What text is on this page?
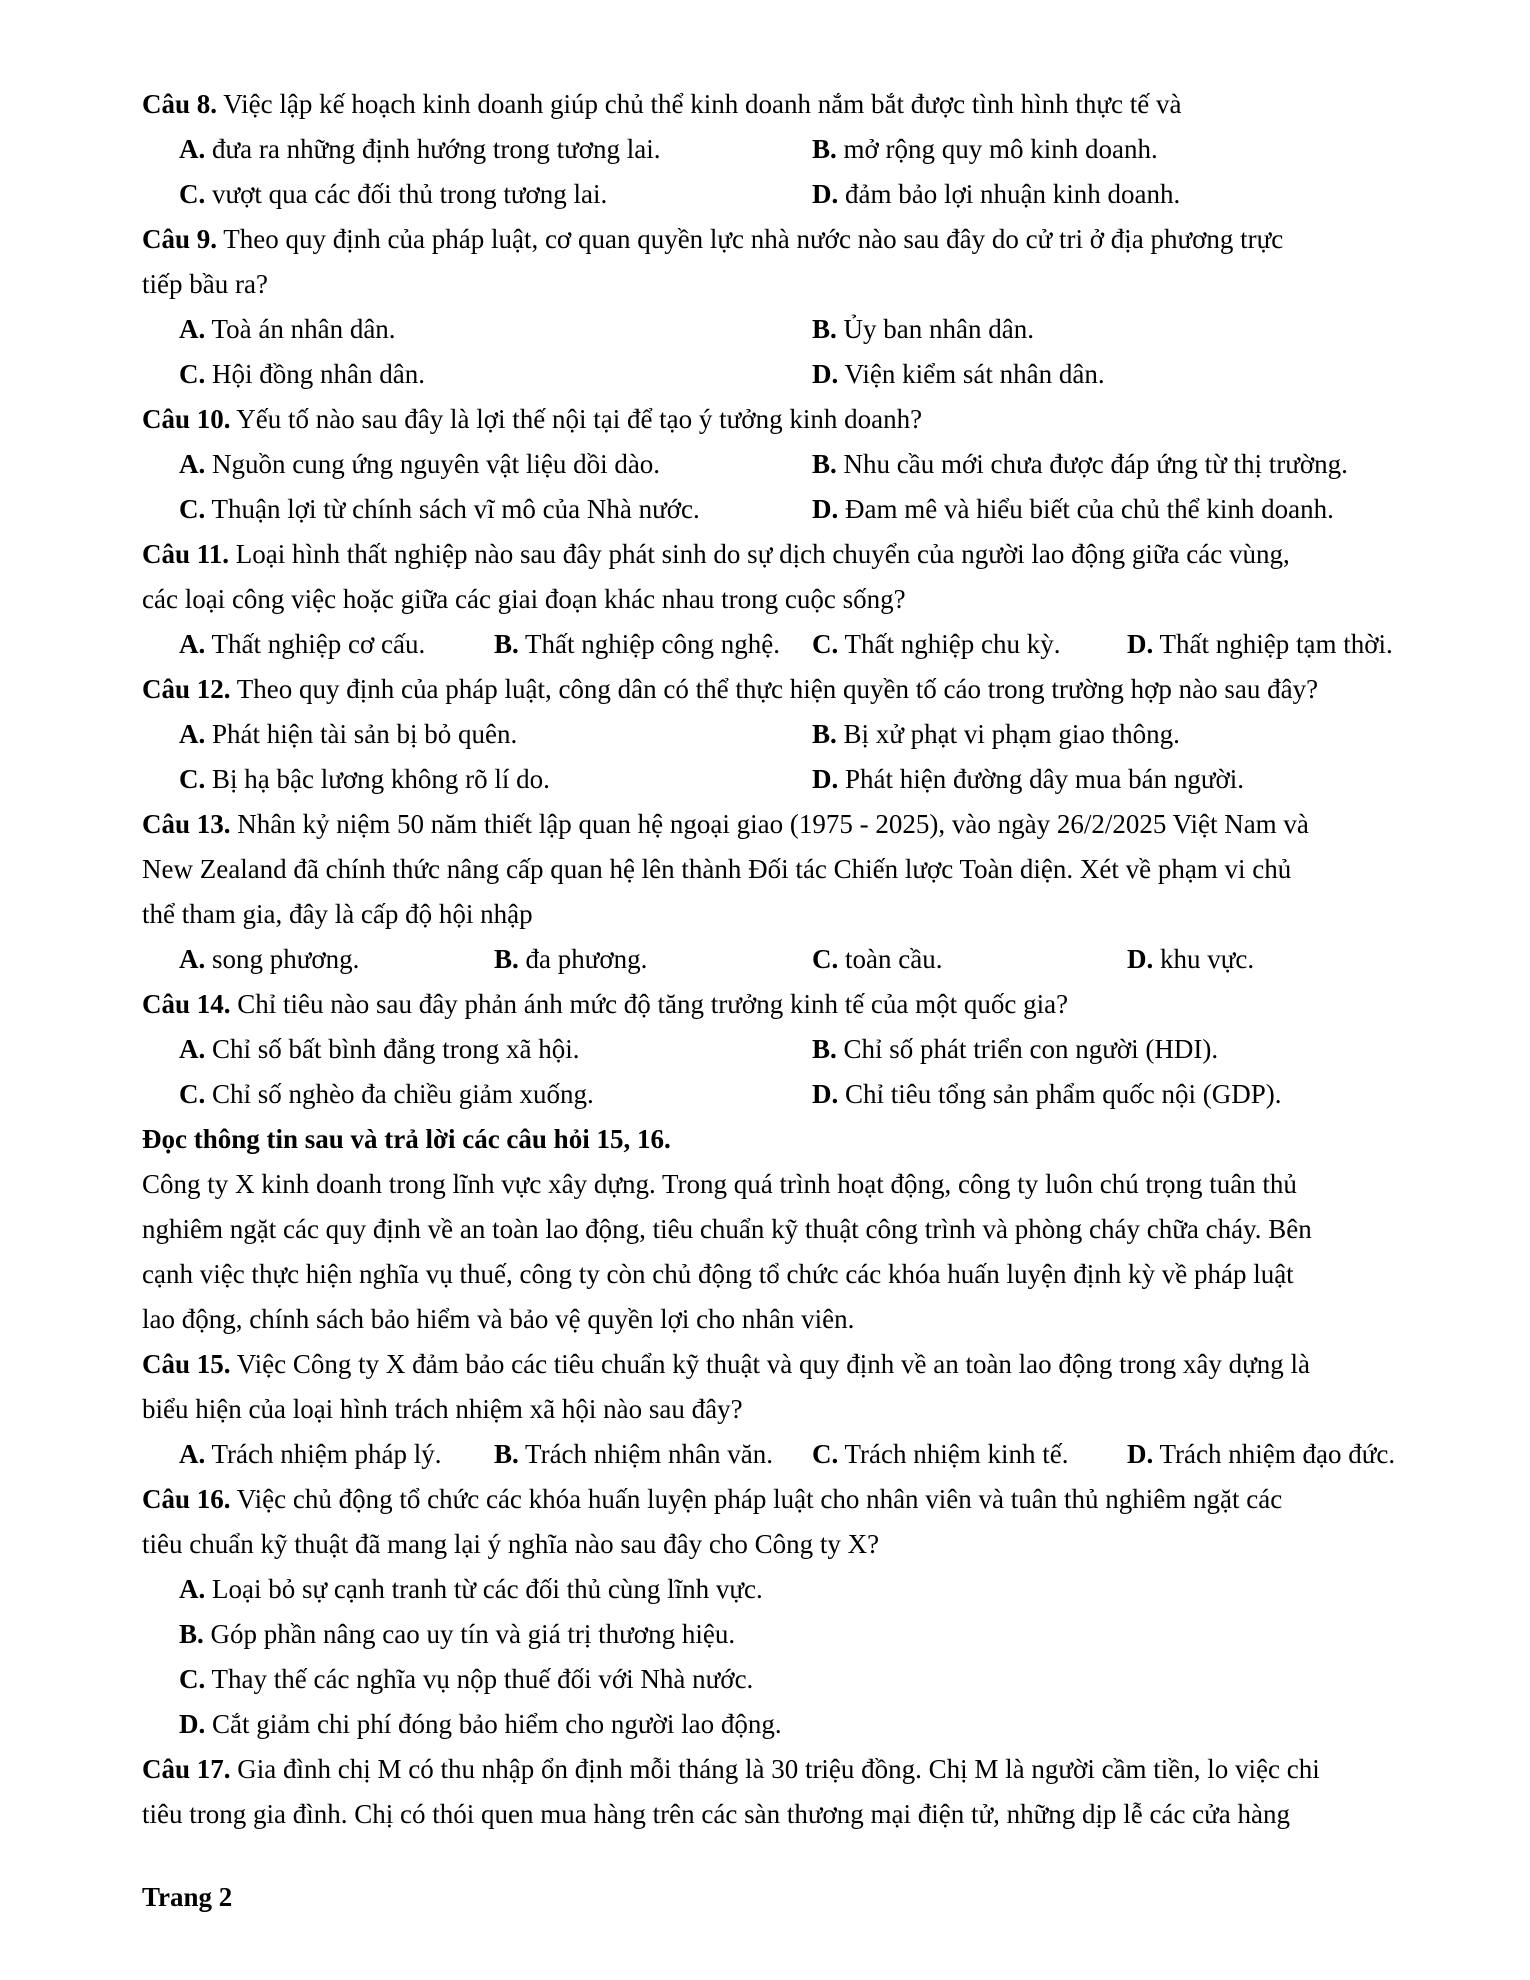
Câu 8. Việc lập kế hoạch kinh doanh giúp chủ thể kinh doanh nắm bắt được tình hình thực tế và
A. đưa ra những định hướng trong tương lai.	B. mở rộng quy mô kinh doanh.
C. vượt qua các đối thủ trong tương lai.	D. đảm bảo lợi nhuận kinh doanh.
Câu 9. Theo quy định của pháp luật, cơ quan quyền lực nhà nước nào sau đây do cử tri ở địa phương trực
tiếp bầu ra?
A. Toà án nhân dân.	B. Ủy ban nhân dân.
C. Hội đồng nhân dân.	D. Viện kiểm sát nhân dân.
Câu 10. Yếu tố nào sau đây là lợi thế nội tại để tạo ý tưởng kinh doanh?
A. Nguồn cung ứng nguyên vật liệu dồi dào.	B. Nhu cầu mới chưa được đáp ứng từ thị trường.
C. Thuận lợi từ chính sách vĩ mô của Nhà nước.	D. Đam mê và hiểu biết của chủ thể kinh doanh.
Câu 11. Loại hình thất nghiệp nào sau đây phát sinh do sự dịch chuyển của người lao động giữa các vùng,
các loại công việc hoặc giữa các giai đoạn khác nhau trong cuộc sống?
A. Thất nghiệp cơ cấu.	B. Thất nghiệp công nghệ. C. Thất nghiệp chu kỳ. D. Thất nghiệp tạm thời.
Câu 12. Theo quy định của pháp luật, công dân có thể thực hiện quyền tố cáo trong trường hợp nào sau đây?
A. Phát hiện tài sản bị bỏ quên.	B. Bị xử phạt vi phạm giao thông.
C. Bị hạ bậc lương không rõ lí do.	D. Phát hiện đường dây mua bán người.
Câu 13. Nhân kỷ niệm 50 năm thiết lập quan hệ ngoại giao (1975 - 2025), vào ngày 26/2/2025 Việt Nam và
New Zealand đã chính thức nâng cấp quan hệ lên thành Đối tác Chiến lược Toàn diện. Xét về phạm vi chủ
thể tham gia, đây là cấp độ hội nhập
A. song phương.	B. đa phương.	C. toàn cầu.	D. khu vực.
Câu 14. Chỉ tiêu nào sau đây phản ánh mức độ tăng trưởng kinh tế của một quốc gia?
A. Chỉ số bất bình đẳng trong xã hội.	B. Chỉ số phát triển con người (HDI).
C. Chỉ số nghèo đa chiều giảm xuống.	D. Chỉ tiêu tổng sản phẩm quốc nội (GDP).
Đọc thông tin sau và trả lời các câu hỏi 15, 16.
Công ty X kinh doanh trong lĩnh vực xây dựng. Trong quá trình hoạt động, công ty luôn chú trọng tuân thủ
nghiêm ngặt các quy định về an toàn lao động, tiêu chuẩn kỹ thuật công trình và phòng cháy chữa cháy. Bên
cạnh việc thực hiện nghĩa vụ thuế, công ty còn chủ động tổ chức các khóa huấn luyện định kỳ về pháp luật
lao động, chính sách bảo hiểm và bảo vệ quyền lợi cho nhân viên.
Câu 15. Việc Công ty X đảm bảo các tiêu chuẩn kỹ thuật và quy định về an toàn lao động trong xây dựng là
biểu hiện của loại hình trách nhiệm xã hội nào sau đây?
A. Trách nhiệm pháp lý. B. Trách nhiệm nhân văn. C. Trách nhiệm kinh tế. D. Trách nhiệm đạo đức.
Câu 16. Việc chủ động tổ chức các khóa huấn luyện pháp luật cho nhân viên và tuân thủ nghiêm ngặt các
tiêu chuẩn kỹ thuật đã mang lại ý nghĩa nào sau đây cho Công ty X?
A. Loại bỏ sự cạnh tranh từ các đối thủ cùng lĩnh vực.
B. Góp phần nâng cao uy tín và giá trị thương hiệu.
C. Thay thế các nghĩa vụ nộp thuế đối với Nhà nước.
D. Cắt giảm chi phí đóng bảo hiểm cho người lao động.
Câu 17. Gia đình chị M có thu nhập ổn định mỗi tháng là 30 triệu đồng. Chị M là người cầm tiền, lo việc chi
tiêu trong gia đình. Chị có thói quen mua hàng trên các sàn thương mại điện tử, những dịp lễ các cửa hàng
Trang 2
